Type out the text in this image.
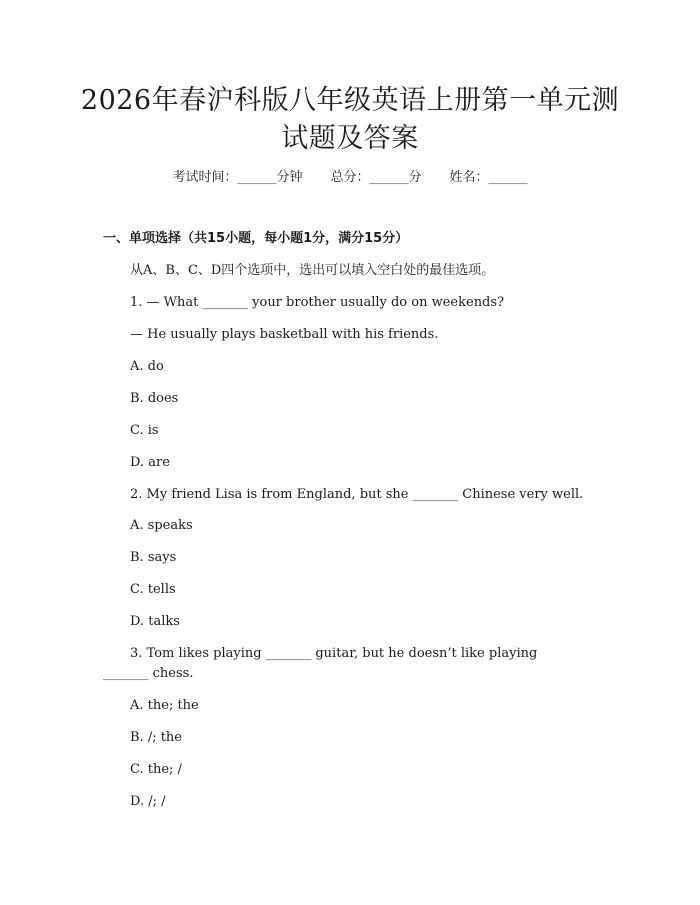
2026年春沪科版八年级英语上册第一单元测
试题及答案
考试时间：______分钟 总分：______分 姓名：______
一、单项选择（共15小题，每小题1分，满分15分）
从A、B、C、D四个选项中，选出可以填入空白处的最佳选项。
1. — What _______ your brother usually do on weekends?
— He usually plays basketball with his friends.
A. do
B. does
C. is
D. are
2. My friend Lisa is from England, but she _______ Chinese very well.
A. speaks
B. says
C. tells
D. talks
3. Tom likes playing _______ guitar, but he doesn’t like playing
_______ chess.
A. the; the
B. /; the
C. the; /
D. /; /
